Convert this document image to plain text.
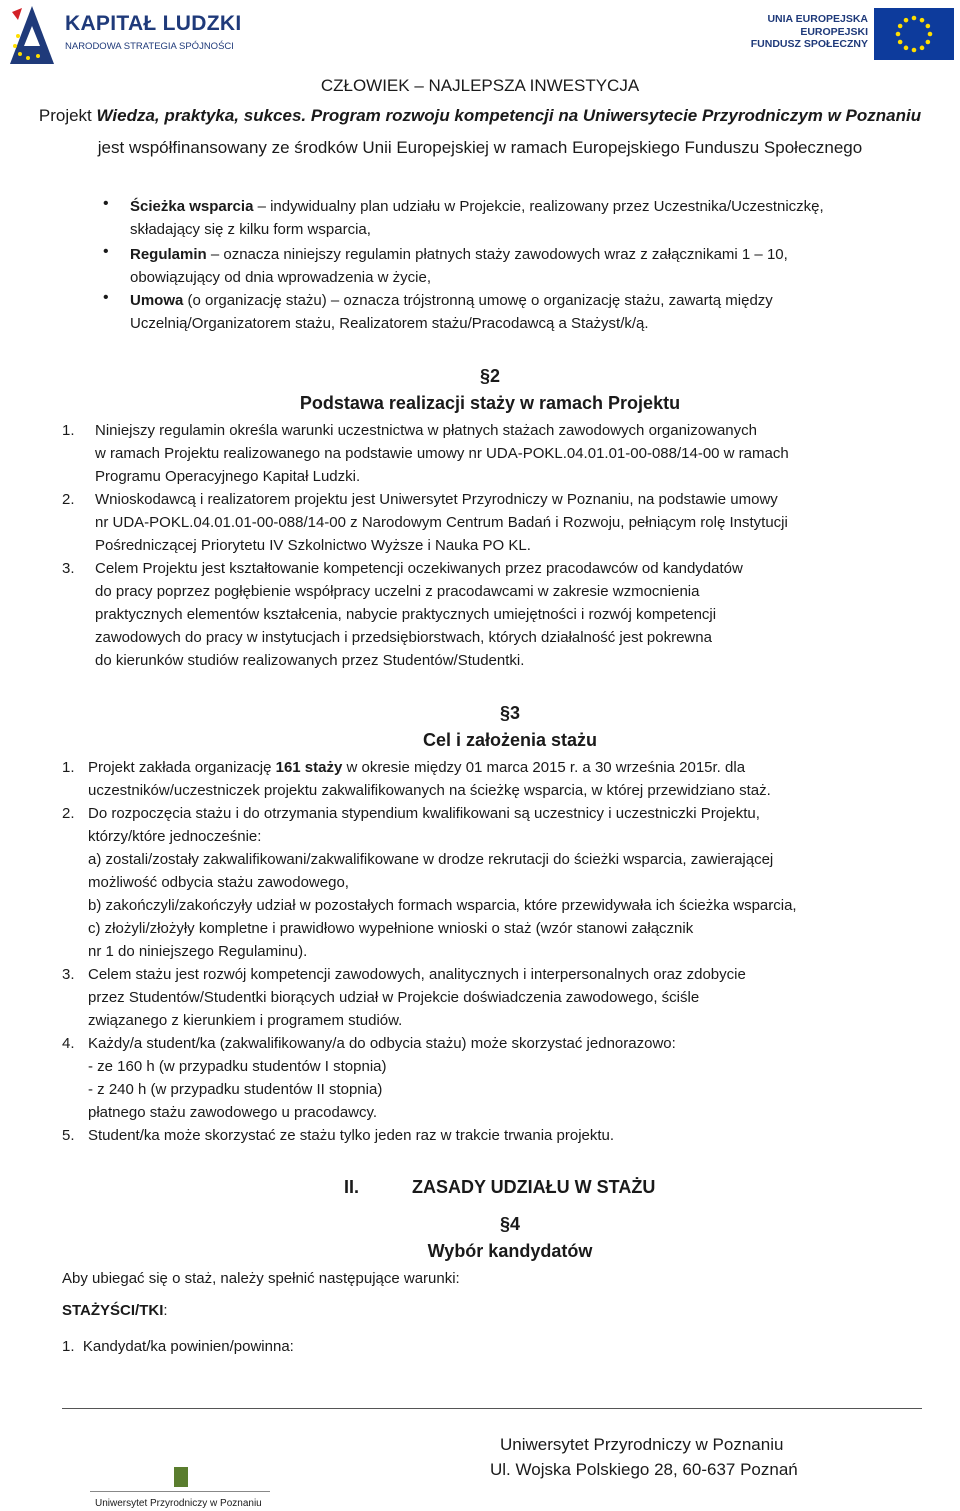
KAPITAŁ LUDZKI
NARODOWA STRATEGIA SPÓJNOŚCI
UNIA EUROPEJSKA
EUROPEJSKI
FUNDUSZ SPOŁECZNY
CZŁOWIEK – NAJLEPSZA INWESTYCJA
Projekt Wiedza, praktyka, sukces. Program rozwoju kompetencji na Uniwersytecie Przyrodniczym w Poznaniu
jest współfinansowany ze środków Unii Europejskiej w ramach Europejskiego Funduszu Społecznego
• Ścieżka wsparcia – indywidualny plan udziału w Projekcie, realizowany przez Uczestnika/Uczestniczkę,
składający się z kilku form wsparcia,
• Regulamin – oznacza niniejszy regulamin płatnych staży zawodowych wraz z załącznikami 1 – 10,
obowiązujący od dnia wprowadzenia w życie,
• Umowa (o organizację stażu) – oznacza trójstronną umowę o organizację stażu, zawartą między
Uczelnią/Organizatorem stażu, Realizatorem stażu/Pracodawcą a Stażyst/k/ą.
§2
Podstawa realizacji staży w ramach Projektu
1. Niniejszy regulamin określa warunki uczestnictwa w płatnych stażach zawodowych organizowanych
w ramach Projektu realizowanego na podstawie umowy nr UDA-POKL.04.01.01-00-088/14-00 w ramach
Programu Operacyjnego Kapitał Ludzki.
2. Wnioskodawcą i realizatorem projektu jest Uniwersytet Przyrodniczy w Poznaniu, na podstawie umowy
nr UDA-POKL.04.01.01-00-088/14-00 z Narodowym Centrum Badań i Rozwoju, pełniącym rolę Instytucji
Pośredniczącej Priorytetu IV Szkolnictwo Wyższe i Nauka PO KL.
3. Celem Projektu jest kształtowanie kompetencji oczekiwanych przez pracodawców od kandydatów
do pracy poprzez pogłębienie współpracy uczelni z pracodawcami w zakresie wzmocnienia
praktycznych elementów kształcenia, nabycie praktycznych umiejętności i rozwój kompetencji
zawodowych do pracy w instytucjach i przedsiębiorstwach, których działalność jest pokrewna
do kierunków studiów realizowanych przez Studentów/Studentki.
§3
Cel i założenia stażu
1. Projekt zakłada organizację 161 staży w okresie między 01 marca 2015 r. a 30 września 2015r. dla
uczestników/uczestniczek projektu zakwalifikowanych na ścieżkę wsparcia, w której przewidziano staż.
2. Do rozpoczęcia stażu i do otrzymania stypendium kwalifikowani są uczestnicy i uczestniczki Projektu,
którzy/które jednocześnie:
a) zostali/zostały zakwalifikowani/zakwalifikowane w drodze rekrutacji do ścieżki wsparcia, zawierającej
możliwość odbycia stażu zawodowego,
b) zakończyli/zakończyły udział w pozostałych formach wsparcia, które przewidywała ich ścieżka wsparcia,
c) złożyli/złożyły kompletne i prawidłowo wypełnione wnioski o staż (wzór stanowi załącznik
nr 1 do niniejszego Regulaminu).
3. Celem stażu jest rozwój kompetencji zawodowych, analitycznych i interpersonalnych oraz zdobycie
przez Studentów/Studentki biorących udział w Projekcie doświadczenia zawodowego, ściśle
związanego z kierunkiem i programem studiów.
4. Każdy/a student/ka (zakwalifikowany/a do odbycia stażu) może skorzystać jednorazowo:
- ze 160 h (w przypadku studentów I stopnia)
- z 240 h (w przypadku studentów II stopnia)
płatnego stażu zawodowego u pracodawcy.
5. Student/ka może skorzystać ze stażu tylko jeden raz w trakcie trwania projektu.
II.	ZASADY UDZIAŁU W STAŻU
§4
Wybór kandydatów
Aby ubiegać się o staż, należy spełnić następujące warunki:
STAŻYŚCI/TKI:
1.  Kandydat/ka powinien/powinna:
Uniwersytet Przyrodniczy w Poznaniu
Ul. Wojska Polskiego 28, 60-637 Poznań
Uniwersytet Przyrodniczy w Poznaniu
